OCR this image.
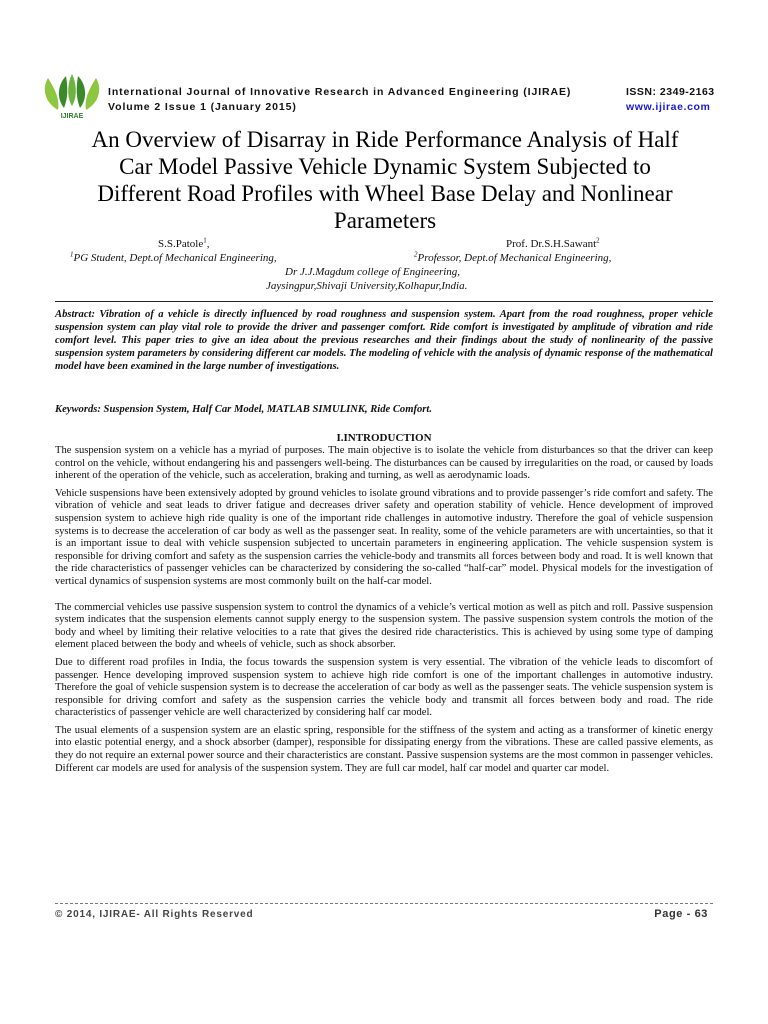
IJIRAE
International Journal of Innovative Research in Advanced Engineering (IJIRAE)
Volume 2 Issue 1 (January 2015)
ISSN: 2349-2163
www.ijirae.com
An Overview of Disarray in Ride Performance Analysis of Half
Car Model Passive Vehicle Dynamic System Subjected to
Different Road Profiles with Wheel Base Delay and Nonlinear
Parameters
S.S.Patole$^1$,	Prof. Dr.S.H.Sawant$^2$
$^1$PG Student, Dept.of Mechanical Engineering,	$^2$Professor, Dept.of Mechanical Engineering,
Dr J.J.Magdum college of Engineering,
Jaysingpur,Shivaji University,Kolhapur,India.
Abstract: Vibration of a vehicle is directly influenced by road roughness and suspension system. Apart from the road roughness, proper vehicle suspension system can play vital role to provide the driver and passenger comfort. Ride comfort is investigated by amplitude of vibration and ride comfort level. This paper tries to give an idea about the previous researches and their findings about the study of nonlinearity of the passive suspension system parameters by considering different car models. The modeling of vehicle with the analysis of dynamic response of the mathematical model have been examined in the large number of investigations.
Keywords: Suspension System, Half Car Model, MATLAB SIMULINK, Ride Comfort.
I.INTRODUCTION

The suspension system on a vehicle has a myriad of purposes. The main objective is to isolate the vehicle from disturbances so that the driver can keep control on the vehicle, without endangering his and passengers well-being. The disturbances can be caused by irregularities on the road, or caused by loads inherent of the operation of the vehicle, such as acceleration, braking and turning, as well as aerodynamic loads.

Vehicle suspensions have been extensively adopted by ground vehicles to isolate ground vibrations and to provide passenger’s ride comfort and safety. The vibration of vehicle and seat leads to driver fatigue and decreases driver safety and operation stability of vehicle. Hence development of improved suspension system to achieve high ride quality is one of the important ride challenges in automotive industry. Therefore the goal of vehicle suspension systems is to decrease the acceleration of car body as well as the passenger seat. In reality, some of the vehicle parameters are with uncertainties, so that it is an important issue to deal with vehicle suspension subjected to uncertain parameters in engineering application. The vehicle suspension system is responsible for driving comfort and safety as the suspension carries the vehicle-body and transmits all forces between body and road. It is well known that the ride characteristics of passenger vehicles can be characterized by considering the so-called “half-car” model. Physical models for the investigation of vertical dynamics of suspension systems are most commonly built on the half-car model.

The commercial vehicles use passive suspension system to control the dynamics of a vehicle’s vertical motion as well as pitch and roll. Passive suspension system indicates that the suspension elements cannot supply energy to the suspension system. The passive suspension system controls the motion of the body and wheel by limiting their relative velocities to a rate that gives the desired ride characteristics. This is achieved by using some type of damping element placed between the body and wheels of vehicle, such as shock absorber.

Due to different road profiles in India, the focus towards the suspension system is very essential. The vibration of the vehicle leads to discomfort of passenger. Hence developing improved suspension system to achieve high ride comfort is one of the important challenges in automotive industry. Therefore the goal of vehicle suspension system is to decrease the acceleration of car body as well as the passenger seats. The vehicle suspension system is responsible for driving comfort and safety as the suspension carries the vehicle body and transmit all forces between body and road. The ride characteristics of passenger vehicle are well characterized by considering half car model.

The usual elements of a suspension system are an elastic spring, responsible for the stiffness of the system and acting as a transformer of kinetic energy into elastic potential energy, and a shock absorber (damper), responsible for dissipating energy from the vibrations. These are called passive elements, as they do not require an external power source and their characteristics are constant. Passive suspension systems are the most common in passenger vehicles. Different car models are used for analysis of the suspension system. They are full car model, half car model and quarter car model.

© 2014, IJIRAE- All Rights Reserved	Page - 63
